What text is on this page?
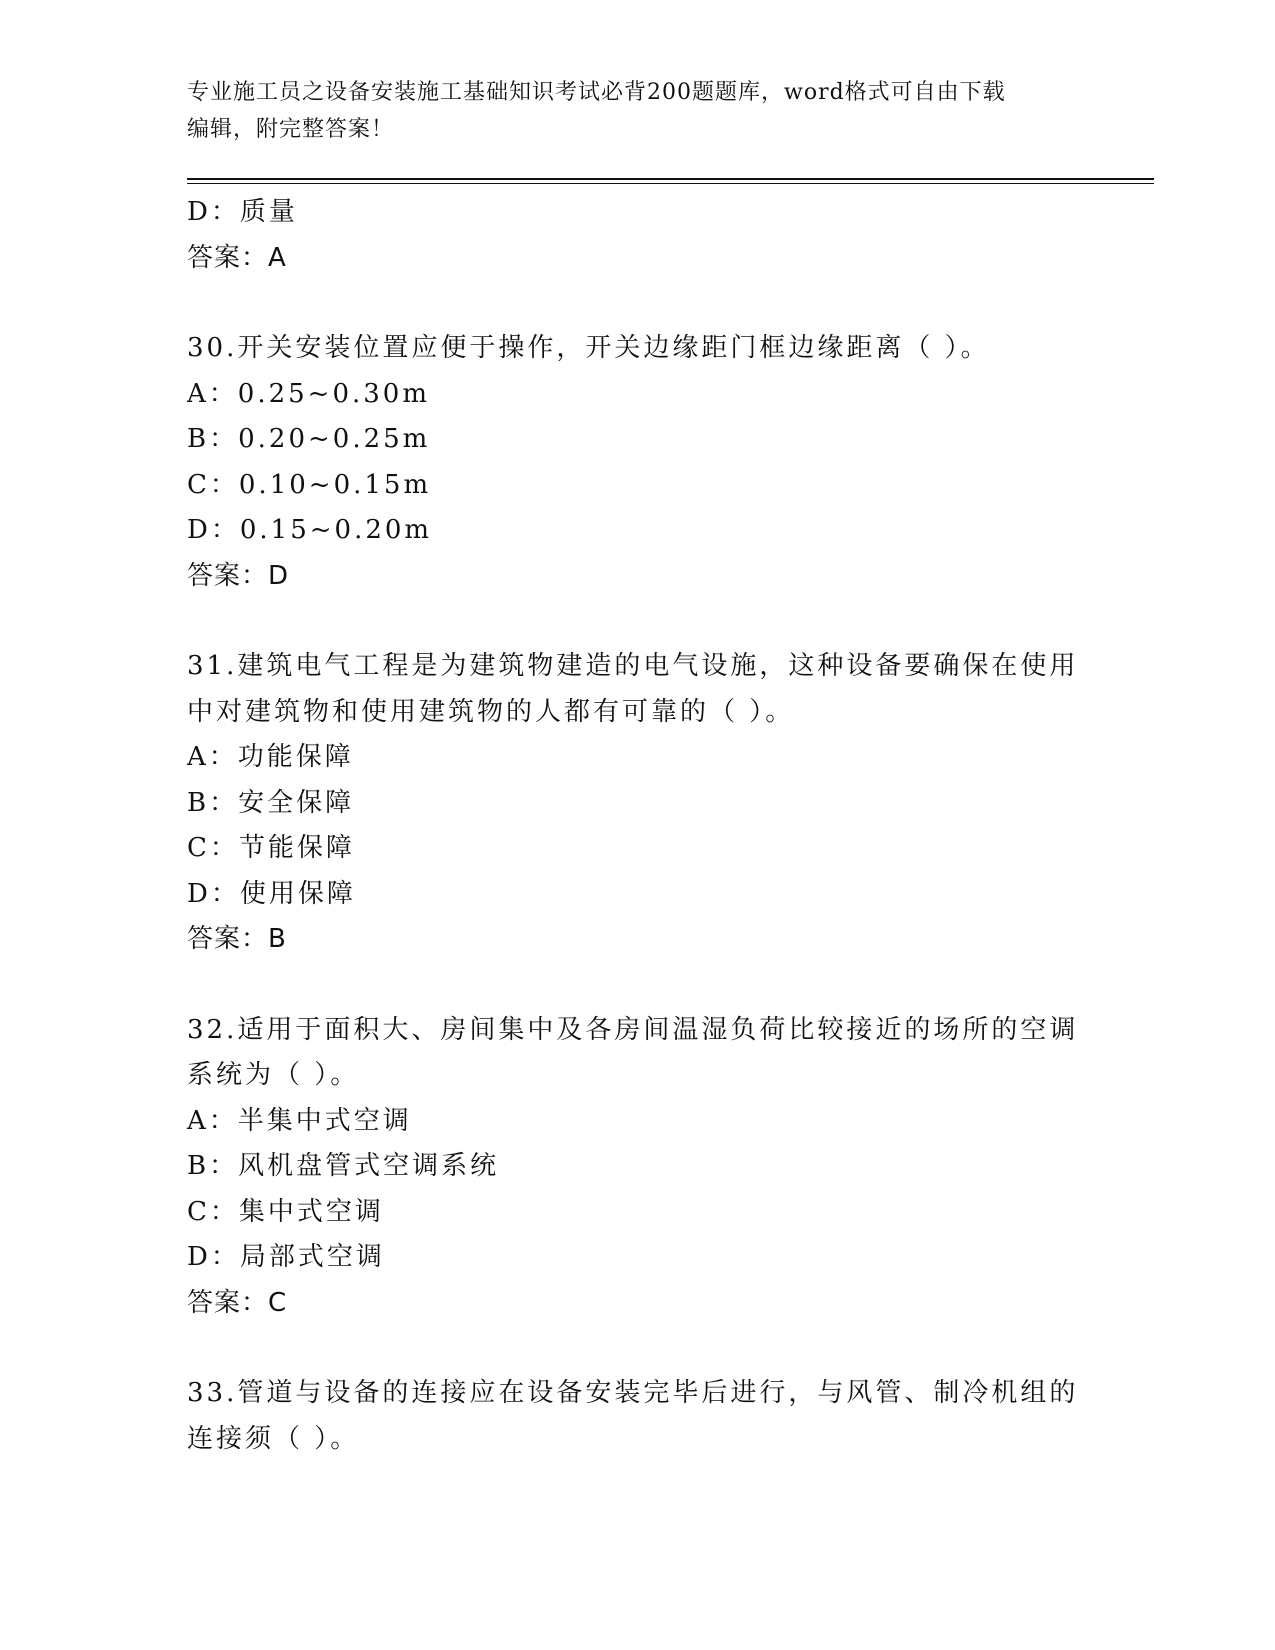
专业施工员之设备安装施工基础知识考试必背200题题库，word格式可自由下载
编辑，附完整答案！
D：质量
答案：A
30.开关安装位置应便于操作，开关边缘距门框边缘距离（ ）。
A：0.25~0.30m
B：0.20~0.25m
C：0.10~0.15m
D：0.15~0.20m
答案：D
31.建筑电气工程是为建筑物建造的电气设施，这种设备要确保在使用
中对建筑物和使用建筑物的人都有可靠的（ ）。
A：功能保障
B：安全保障
C：节能保障
D：使用保障
答案：B
32.适用于面积大、房间集中及各房间温湿负荷比较接近的场所的空调
系统为（ ）。
A：半集中式空调
B：风机盘管式空调系统
C：集中式空调
D：局部式空调
答案：C
33.管道与设备的连接应在设备安装完毕后进行，与风管、制冷机组的
连接须（ ）。
